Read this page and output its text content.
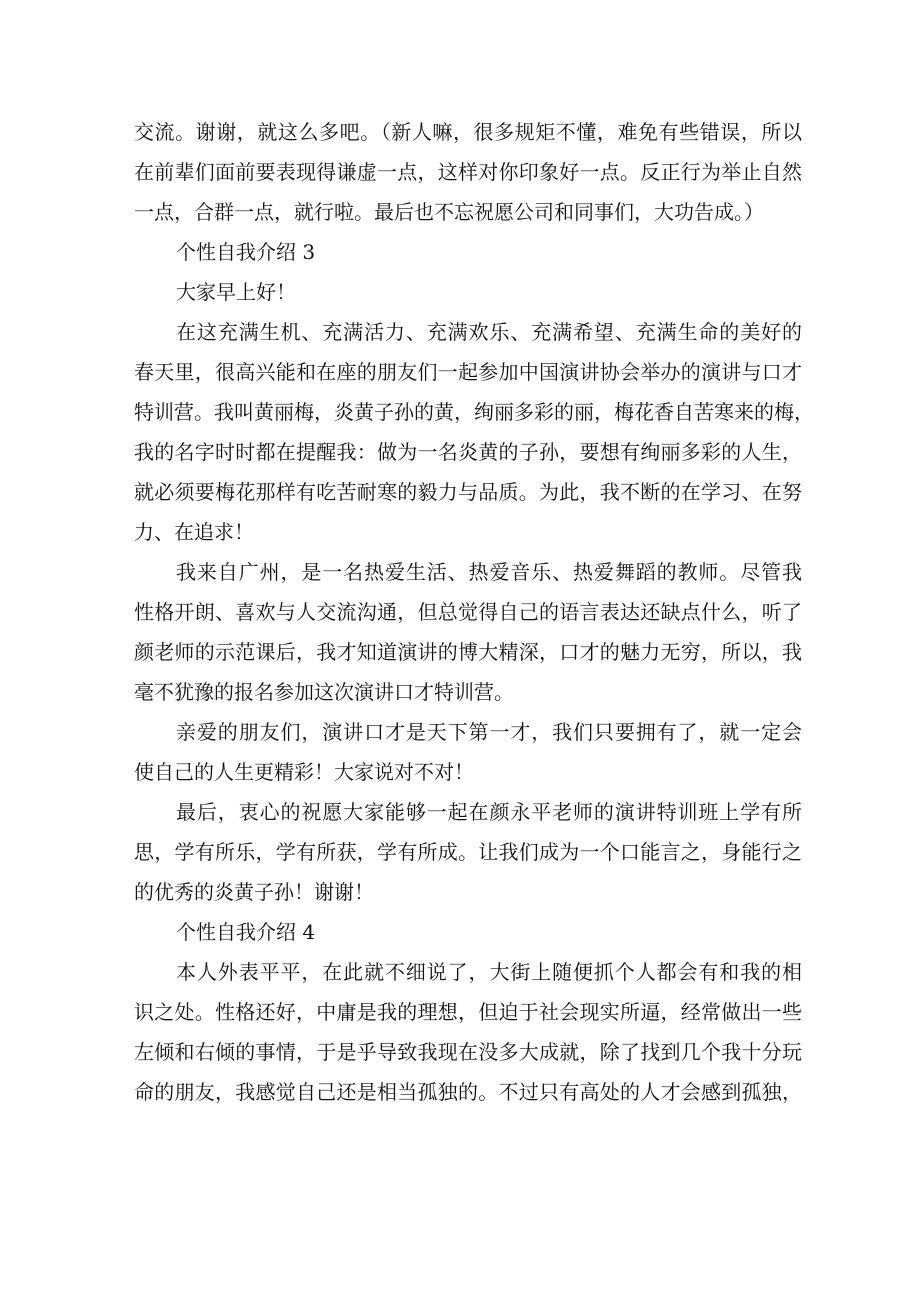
交流。谢谢，就这么多吧。（新人嘛，很多规矩不懂，难免有些错误，所以
在前辈们面前要表现得谦虚一点，这样对你印象好一点。反正行为举止自然
一点，合群一点，就行啦。最后也不忘祝愿公司和同事们，大功告成。）
个性自我介绍 3
大家早上好！
在这充满生机、充满活力、充满欢乐、充满希望、充满生命的美好的
春天里，很高兴能和在座的朋友们一起参加中国演讲协会举办的演讲与口才
特训营。我叫黄丽梅，炎黄子孙的黄，绚丽多彩的丽，梅花香自苦寒来的梅，
我的名字时时都在提醒我：做为一名炎黄的子孙，要想有绚丽多彩的人生，
就必须要梅花那样有吃苦耐寒的毅力与品质。为此，我不断的在学习、在努
力、在追求！
我来自广州，是一名热爱生活、热爱音乐、热爱舞蹈的教师。尽管我
性格开朗、喜欢与人交流沟通，但总觉得自己的语言表达还缺点什么，听了
颜老师的示范课后，我才知道演讲的博大精深，口才的魅力无穷，所以，我
毫不犹豫的报名参加这次演讲口才特训营。
亲爱的朋友们，演讲口才是天下第一才，我们只要拥有了，就一定会
使自己的人生更精彩！大家说对不对！
最后，衷心的祝愿大家能够一起在颜永平老师的演讲特训班上学有所
思，学有所乐，学有所获，学有所成。让我们成为一个口能言之，身能行之
的优秀的炎黄子孙！谢谢！
个性自我介绍 4
本人外表平平，在此就不细说了，大街上随便抓个人都会有和我的相
识之处。性格还好，中庸是我的理想，但迫于社会现实所逼，经常做出一些
左倾和右倾的事情，于是乎导致我现在没多大成就，除了找到几个我十分玩
命的朋友，我感觉自己还是相当孤独的。不过只有高处的人才会感到孤独，
